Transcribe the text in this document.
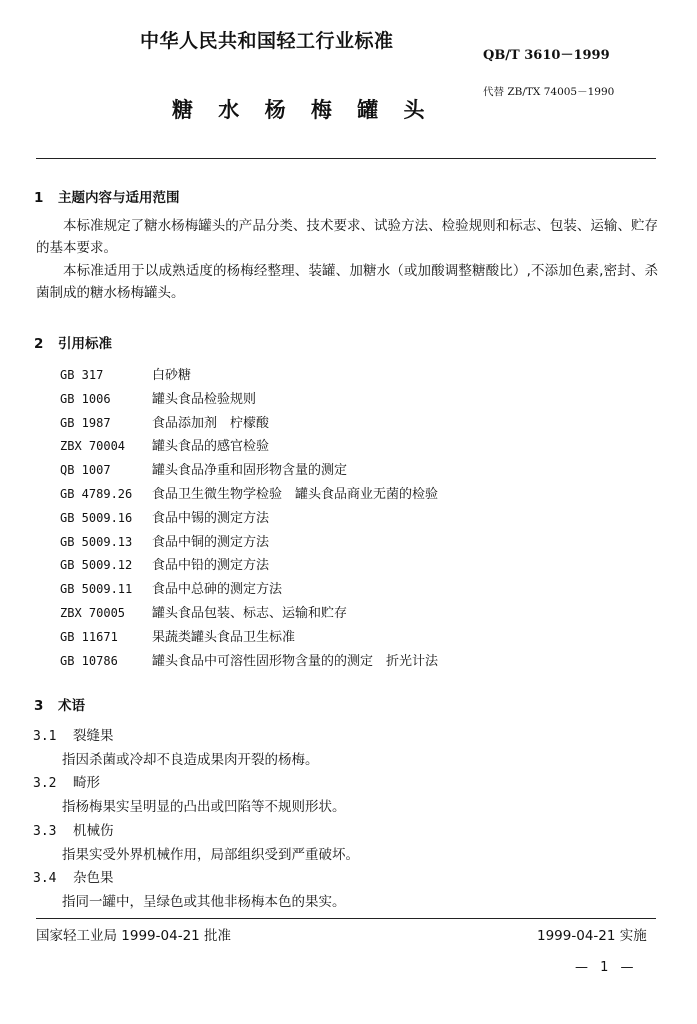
中华人民共和国轻工行业标准
QB/T 3610－1999
代替 ZB/TX 74005－1990
糖 水 杨 梅 罐 头
1 主题内容与适用范围
本标准规定了糖水杨梅罐头的产品分类、技术要求、试验方法、检验规则和标志、包装、运输、贮存的基本要求。
本标准适用于以成熟适度的杨梅经整理、装罐、加糖水（或加酸调整糖酸比）,不添加色素,密封、杀菌制成的糖水杨梅罐头。
2 引用标准
GB 317	白砂糖
GB 1006	罐头食品检验规则
GB 1987	食品添加剂　柠檬酸
ZBX 70004 罐头食品的感官检验
QB 1007	罐头食品净重和固形物含量的测定
GB 4789.26 食品卫生微生物学检验　罐头食品商业无菌的检验
GB 5009.16 食品中锡的测定方法
GB 5009.13 食品中铜的测定方法
GB 5009.12 食品中铅的测定方法
GB 5009.11 食品中总砷的测定方法
ZBX 70005 罐头食品包装、标志、运输和贮存
GB 11671	果蔬类罐头食品卫生标准
GB 10786	罐头食品中可溶性固形物含量的的测定　折光计法
3 术语
3.1 裂缝果
指因杀菌或冷却不良造成果肉开裂的杨梅。
3.2 畸形
指杨梅果实呈明显的凸出或凹陷等不规则形状。
3.3 机械伤
指果实受外界机械作用，局部组织受到严重破坏。
3.4 杂色果
指同一罐中，呈绿色或其他非杨梅本色的果实。
国家轻工业局 1999-04-21 批准	1999-04-21 实施
— 1 —
